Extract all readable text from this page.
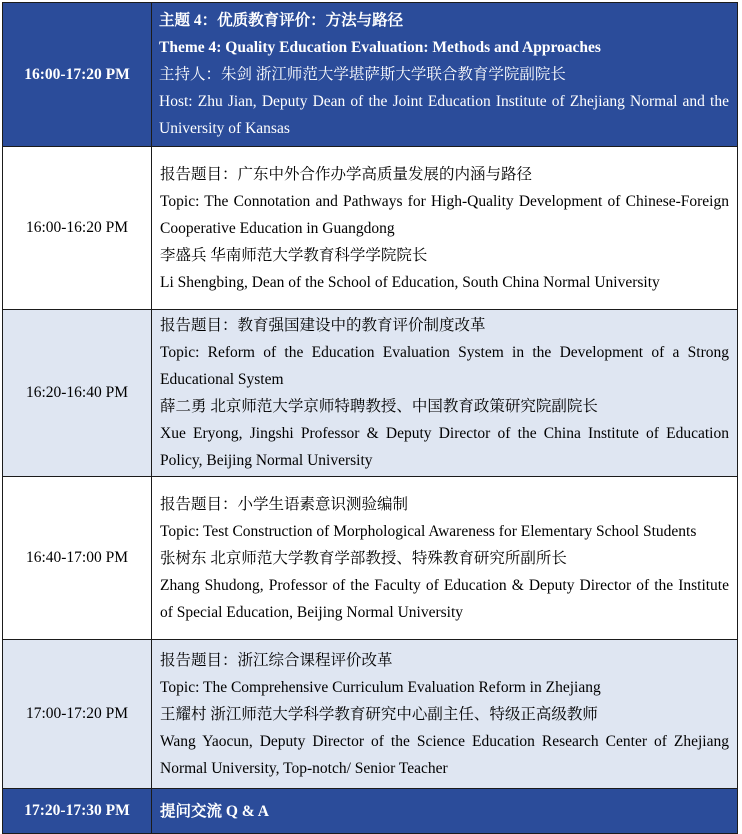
16:00-17:20 PM	主题 4：优质教育评价：方法与路径
Theme 4: Quality Education Evaluation: Methods and Approaches
主持人：朱剑 浙江师范大学堪萨斯大学联合教育学院副院长
Host: Zhu Jian, Deputy Dean of the Joint Education Institute of Zhejiang Normal and the University of Kansas

16:00-16:20 PM	报告题目：广东中外合作办学高质量发展的内涵与路径
Topic: The Connotation and Pathways for High-Quality Development of Chinese-Foreign Cooperative Education in Guangdong
李盛兵 华南师范大学教育科学学院院长
Li Shengbing, Dean of the School of Education, South China Normal University

16:20-16:40 PM	报告题目：教育强国建设中的教育评价制度改革
Topic: Reform of the Education Evaluation System in the Development of a Strong Educational System
薛二勇 北京师范大学京师特聘教授、中国教育政策研究院副院长
Xue Eryong, Jingshi Professor & Deputy Director of the China Institute of Education Policy, Beijing Normal University

16:40-17:00 PM	报告题目：小学生语素意识测验编制
Topic: Test Construction of Morphological Awareness for Elementary School Students
张树东 北京师范大学教育学部教授、特殊教育研究所副所长
Zhang Shudong, Professor of the Faculty of Education & Deputy Director of the Institute of Special Education, Beijing Normal University

17:00-17:20 PM	报告题目：浙江综合课程评价改革
Topic: The Comprehensive Curriculum Evaluation Reform in Zhejiang
王耀村 浙江师范大学科学教育研究中心副主任、特级正高级教师
Wang Yaocun, Deputy Director of the Science Education Research Center of Zhejiang Normal University, Top-notch/ Senior Teacher

17:20-17:30 PM	提问交流 Q & A
